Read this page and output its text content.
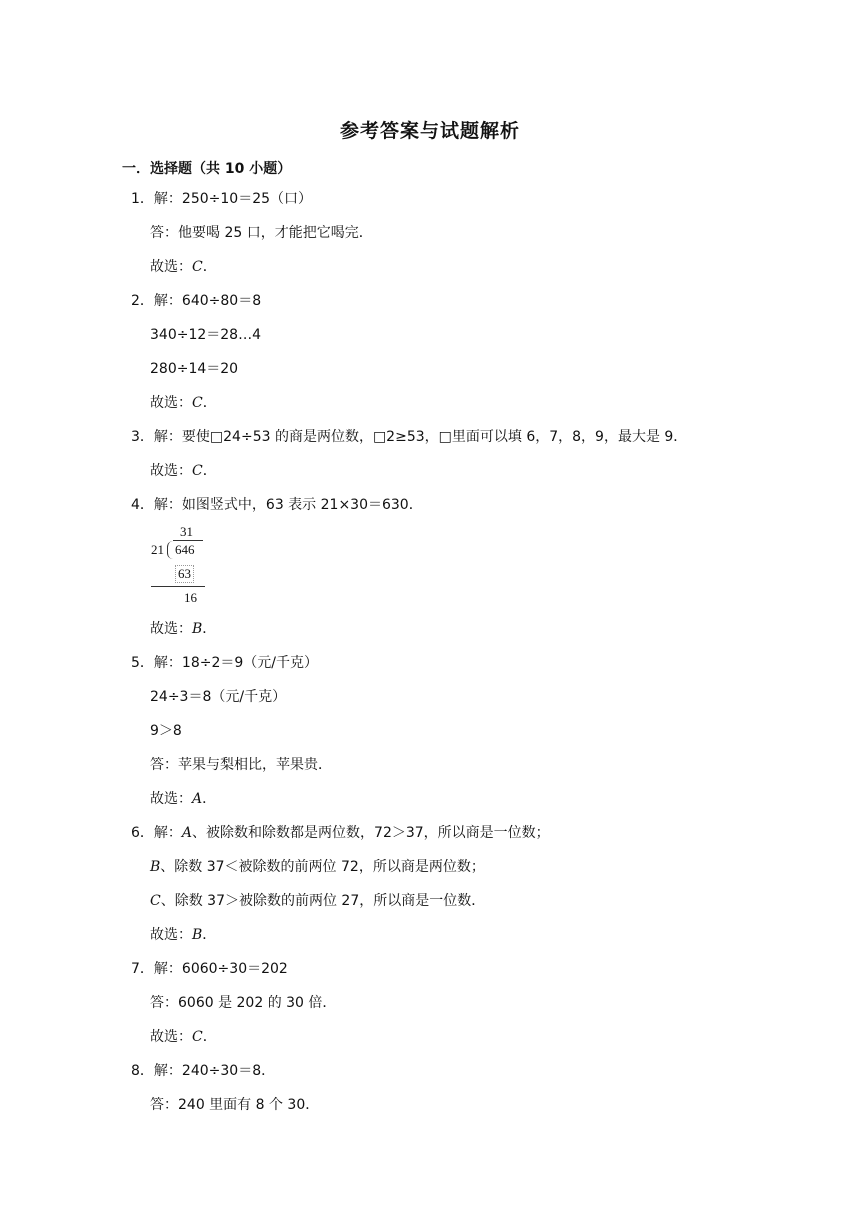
参考答案与试题解析
一．选择题（共 10 小题）
1．解：250÷10＝25（口）
答：他要喝 25 口，才能把它喝完．
故选：C．
2．解：640÷80＝8
340÷12＝28…4
280÷14＝20
故选：C．
3．解：要使□24÷53 的商是两位数，□2≥53，□里面可以填 6，7，8，9，最大是 9．
故选：C．
4．解：如图竖式中，63 表示 21×30＝630．
31
21 646
63
16
故选：B．
5．解：18÷2＝9（元/千克）
24÷3＝8（元/千克）
9＞8
答：苹果与梨相比，苹果贵．
故选：A．
6．解：A、被除数和除数都是两位数，72＞37，所以商是一位数；
B、除数 37＜被除数的前两位 72，所以商是两位数；
C、除数 37＞被除数的前两位 27，所以商是一位数．
故选：B．
7．解：6060÷30＝202
答：6060 是 202 的 30 倍．
故选：C．
8．解：240÷30＝8．
答：240 里面有 8 个 30．
